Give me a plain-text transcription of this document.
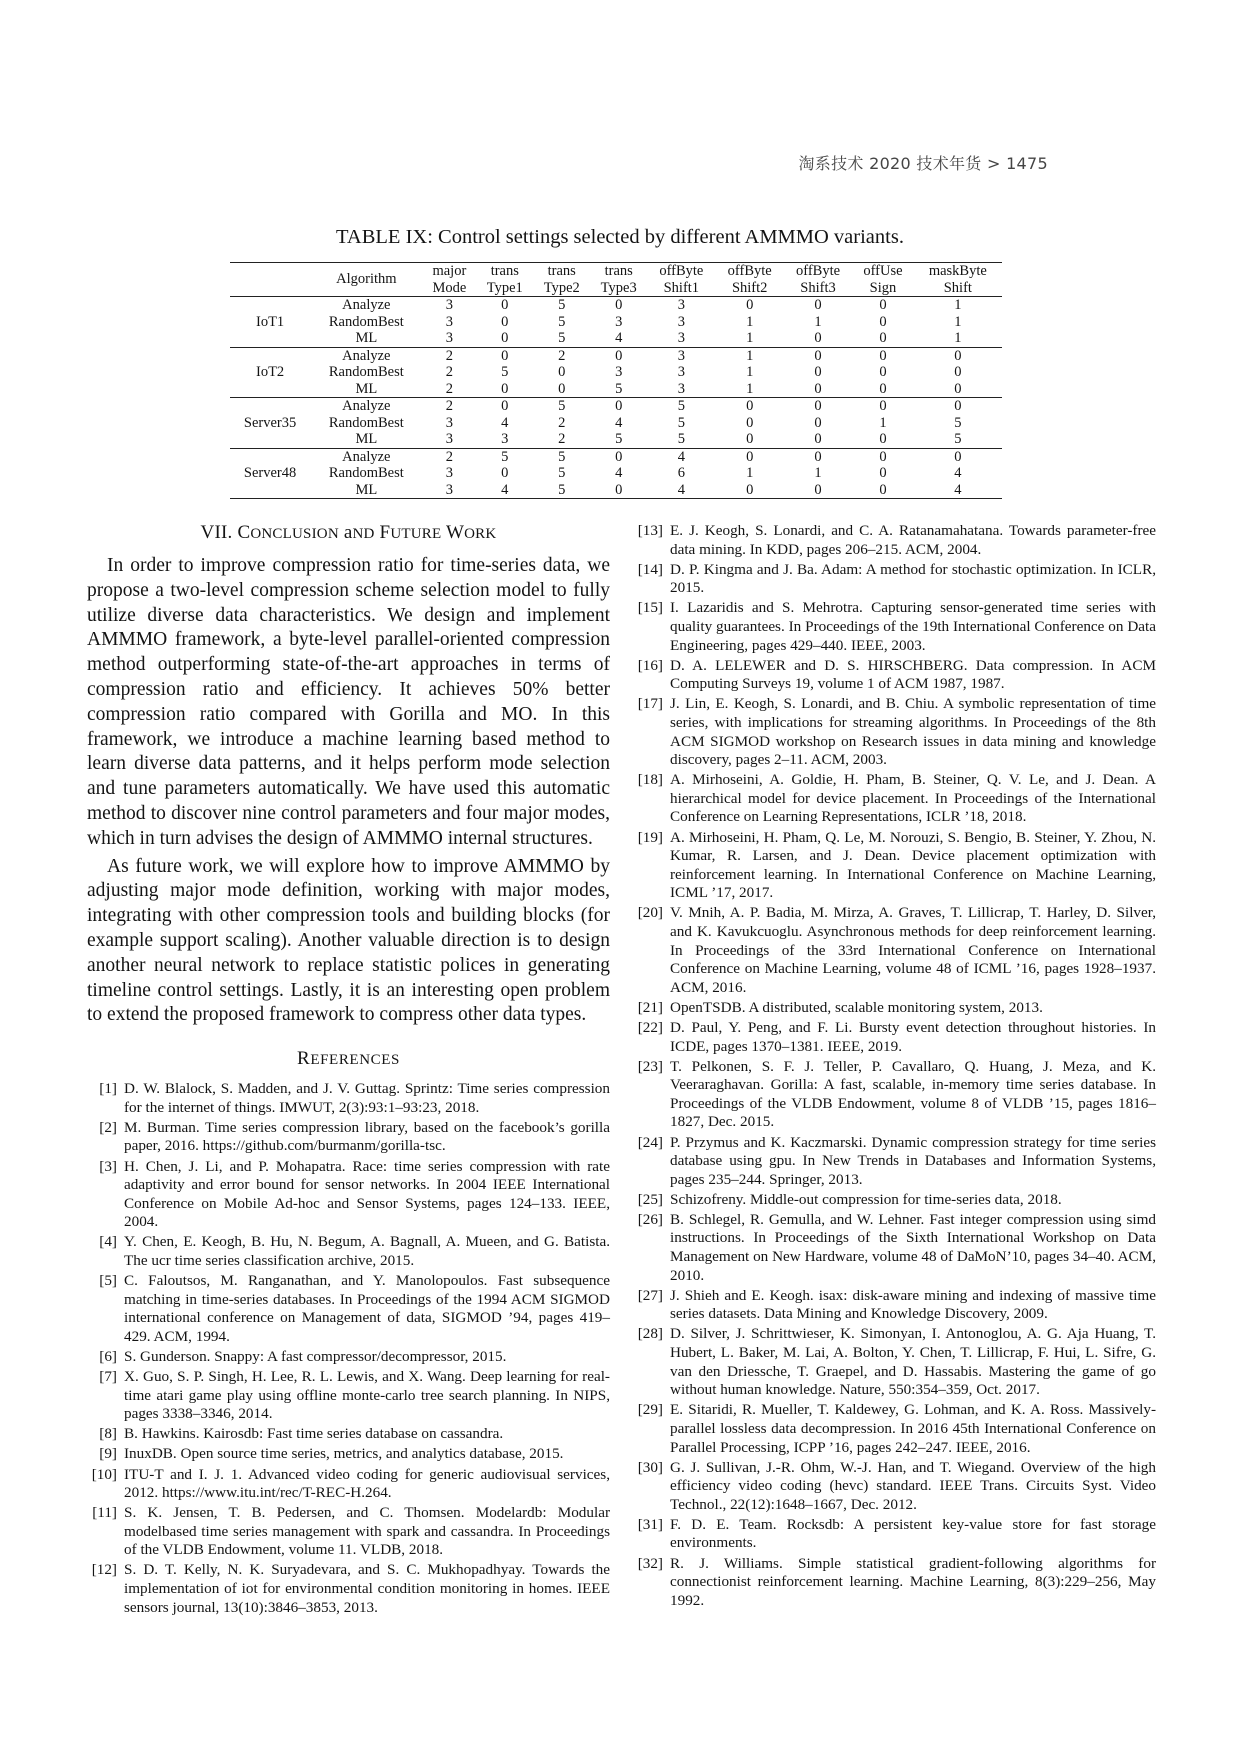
淘系技术 2020 技术年货 > 1475
TABLE IX: Control settings selected by different AMMMO variants.
	Algorithm	major	trans	trans	trans	offByte	offByte	offByte	offUse	maskByte
		Mode	Type1	Type2	Type3	Shift1	Shift2	Shift3	Sign	Shift
IoT1	Analyze	3	0	5	0	3	0	0	0	1
	RandomBest	3	0	5	3	3	1	1	0	1
	ML	3	0	5	4	3	1	0	0	1
IoT2	Analyze	2	0	2	0	3	1	0	0	0
	RandomBest	2	5	0	3	3	1	0	0	0
	ML	2	0	0	5	3	1	0	0	0
Server35	Analyze	2	0	5	0	5	0	0	0	0
	RandomBest	3	4	2	4	5	0	0	1	5
	ML	3	3	2	5	5	0	0	0	5
Server48	Analyze	2	5	5	0	4	0	0	0	0
	RandomBest	3	0	5	4	6	1	1	0	4
	ML	3	4	5	0	4	0	0	0	4
VII. CONCLUSION aND FUTURE WORK

In order to improve compression ratio for time-series data, we propose a two-level compression scheme selection model to fully utilize diverse data characteristics. We design and implement AMMMO framework, a byte-level parallel-oriented compression method outperforming state-of-the-art approaches in terms of compression ratio and efficiency. It achieves 50% better compression ratio compared with Gorilla and MO. In this framework, we introduce a machine learning based method to learn diverse data patterns, and it helps perform mode selection and tune parameters automatically. We have used this automatic method to discover nine control parameters and four major modes, which in turn advises the design of AMMMO internal structures.

As future work, we will explore how to improve AMMMO by adjusting major mode definition, working with major modes, integrating with other compression tools and building blocks (for example support scaling). Another valuable direction is to design another neural network to replace statistic polices in generating timeline control settings. Lastly, it is an interesting open problem to extend the proposed framework to compress other data types.

REFERENCES
[1] D. W. Blalock, S. Madden, and J. V. Guttag. Sprintz: Time series compression for the internet of things. IMWUT, 2(3):93:1–93:23, 2018.
[2] M. Burman. Time series compression library, based on the facebook’s gorilla paper, 2016. https://github.com/burmanm/gorilla-tsc.
[3] H. Chen, J. Li, and P. Mohapatra. Race: time series compression with rate adaptivity and error bound for sensor networks. In 2004 IEEE International Conference on Mobile Ad-hoc and Sensor Systems, pages 124–133. IEEE, 2004.
[4] Y. Chen, E. Keogh, B. Hu, N. Begum, A. Bagnall, A. Mueen, and G. Batista. The ucr time series classification archive, 2015.
[5] C. Faloutsos, M. Ranganathan, and Y. Manolopoulos. Fast subsequence matching in time-series databases. In Proceedings of the 1994 ACM SIGMOD international conference on Management of data, SIGMOD ’94, pages 419–429. ACM, 1994.
[6] S. Gunderson. Snappy: A fast compressor/decompressor, 2015.
[7] X. Guo, S. P. Singh, H. Lee, R. L. Lewis, and X. Wang. Deep learning for real-time atari game play using offline monte-carlo tree search planning. In NIPS, pages 3338–3346, 2014.
[8] B. Hawkins. Kairosdb: Fast time series database on cassandra.
[9] InuxDB. Open source time series, metrics, and analytics database, 2015.
[10] ITU-T and I. J. 1. Advanced video coding for generic audiovisual services, 2012. https://www.itu.int/rec/T-REC-H.264.
[11] S. K. Jensen, T. B. Pedersen, and C. Thomsen. Modelardb: Modular modelbased time series management with spark and cassandra. In Proceedings of the VLDB Endowment, volume 11. VLDB, 2018.
[12] S. D. T. Kelly, N. K. Suryadevara, and S. C. Mukhopadhyay. Towards the implementation of iot for environmental condition monitoring in homes. IEEE sensors journal, 13(10):3846–3853, 2013.
[13] E. J. Keogh, S. Lonardi, and C. A. Ratanamahatana. Towards parameter-free data mining. In KDD, pages 206–215. ACM, 2004.
[14] D. P. Kingma and J. Ba. Adam: A method for stochastic optimization. In ICLR, 2015.
[15] I. Lazaridis and S. Mehrotra. Capturing sensor-generated time series with quality guarantees. In Proceedings of the 19th International Conference on Data Engineering, pages 429–440. IEEE, 2003.
[16] D. A. LELEWER and D. S. HIRSCHBERG. Data compression. In ACM Computing Surveys 19, volume 1 of ACM 1987, 1987.
[17] J. Lin, E. Keogh, S. Lonardi, and B. Chiu. A symbolic representation of time series, with implications for streaming algorithms. In Proceedings of the 8th ACM SIGMOD workshop on Research issues in data mining and knowledge discovery, pages 2–11. ACM, 2003.
[18] A. Mirhoseini, A. Goldie, H. Pham, B. Steiner, Q. V. Le, and J. Dean. A hierarchical model for device placement. In Proceedings of the International Conference on Learning Representations, ICLR ’18, 2018.
[19] A. Mirhoseini, H. Pham, Q. Le, M. Norouzi, S. Bengio, B. Steiner, Y. Zhou, N. Kumar, R. Larsen, and J. Dean. Device placement optimization with reinforcement learning. In International Conference on Machine Learning, ICML ’17, 2017.
[20] V. Mnih, A. P. Badia, M. Mirza, A. Graves, T. Lillicrap, T. Harley, D. Silver, and K. Kavukcuoglu. Asynchronous methods for deep reinforcement learning. In Proceedings of the 33rd International Conference on International Conference on Machine Learning, volume 48 of ICML ’16, pages 1928–1937. ACM, 2016.
[21] OpenTSDB. A distributed, scalable monitoring system, 2013.
[22] D. Paul, Y. Peng, and F. Li. Bursty event detection throughout histories. In ICDE, pages 1370–1381. IEEE, 2019.
[23] T. Pelkonen, S. F. J. Teller, P. Cavallaro, Q. Huang, J. Meza, and K. Veeraraghavan. Gorilla: A fast, scalable, in-memory time series database. In Proceedings of the VLDB Endowment, volume 8 of VLDB ’15, pages 1816–1827, Dec. 2015.
[24] P. Przymus and K. Kaczmarski. Dynamic compression strategy for time series database using gpu. In New Trends in Databases and Information Systems, pages 235–244. Springer, 2013.
[25] Schizofreny. Middle-out compression for time-series data, 2018.
[26] B. Schlegel, R. Gemulla, and W. Lehner. Fast integer compression using simd instructions. In Proceedings of the Sixth International Workshop on Data Management on New Hardware, volume 48 of DaMoN’10, pages 34–40. ACM, 2010.
[27] J. Shieh and E. Keogh. isax: disk-aware mining and indexing of massive time series datasets. Data Mining and Knowledge Discovery, 2009.
[28] D. Silver, J. Schrittwieser, K. Simonyan, I. Antonoglou, A. G. Aja Huang, T. Hubert, L. Baker, M. Lai, A. Bolton, Y. Chen, T. Lillicrap, F. Hui, L. Sifre, G. van den Driessche, T. Graepel, and D. Hassabis. Mastering the game of go without human knowledge. Nature, 550:354–359, Oct. 2017.
[29] E. Sitaridi, R. Mueller, T. Kaldewey, G. Lohman, and K. A. Ross. Massively-parallel lossless data decompression. In 2016 45th International Conference on Parallel Processing, ICPP ’16, pages 242–247. IEEE, 2016.
[30] G. J. Sullivan, J.-R. Ohm, W.-J. Han, and T. Wiegand. Overview of the high efficiency video coding (hevc) standard. IEEE Trans. Circuits Syst. Video Technol., 22(12):1648–1667, Dec. 2012.
[31] F. D. E. Team. Rocksdb: A persistent key-value store for fast storage environments.
[32] R. J. Williams. Simple statistical gradient-following algorithms for connectionist reinforcement learning. Machine Learning, 8(3):229–256, May 1992.
